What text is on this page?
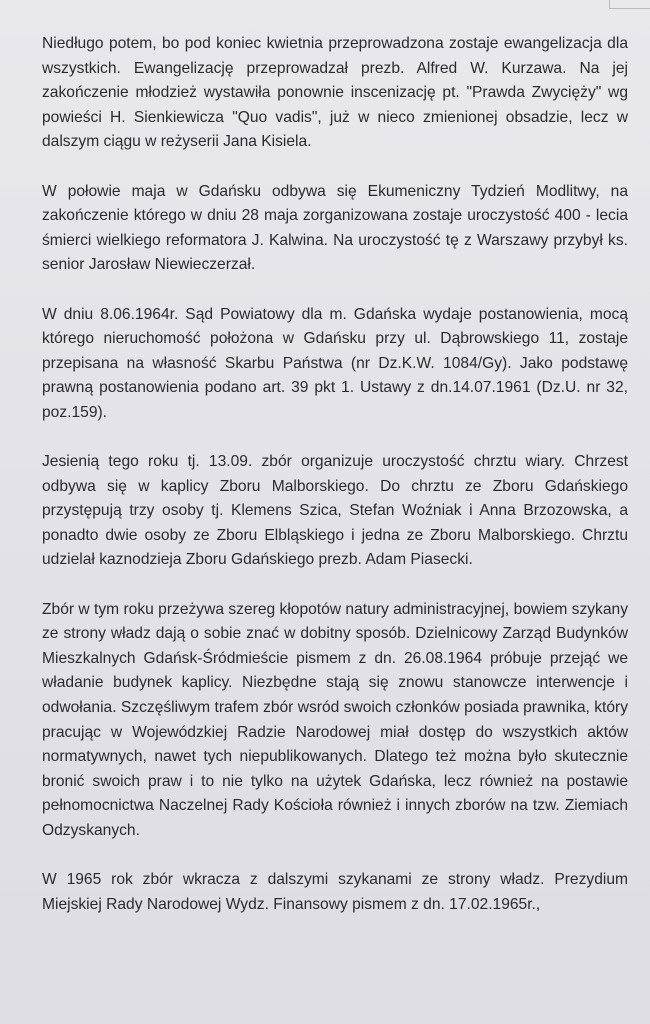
Niedługo potem, bo pod koniec kwietnia przeprowadzona zostaje ewangelizacja dla wszystkich. Ewangelizację przeprowadzał prezb. Alfred W. Kurzawa. Na jej zakończenie młodzież wystawiła ponownie inscenizację pt. "Prawda Zwycięży" wg powieści H. Sienkiewicza "Quo vadis", już w nieco zmienionej obsadzie, lecz w dalszym ciągu w reżyserii Jana Kisiela.

W połowie maja w Gdańsku odbywa się Ekumeniczny Tydzień Modlitwy, na zakończenie którego w dniu 28 maja zorganizowana zostaje uroczystość 400 - lecia śmierci wielkiego reformatora J. Kalwina. Na uroczystość tę z Warszawy przybył ks. senior Jarosław Niewieczerzał.

W dniu 8.06.1964r. Sąd Powiatowy dla m. Gdańska wydaje postanowienia, mocą którego nieruchomość położona w Gdańsku przy ul. Dąbrowskiego 11, zostaje przepisana na własność Skarbu Państwa (nr Dz.K.W. 1084/Gy). Jako podstawę prawną postanowienia podano art. 39 pkt 1. Ustawy z dn.14.07.1961 (Dz.U. nr 32, poz.159).

Jesienią tego roku tj. 13.09. zbór organizuje uroczystość chrztu wiary. Chrzest odbywa się w kaplicy Zboru Malborskiego. Do chrztu ze Zboru Gdańskiego przystępują trzy osoby tj. Klemens Szica, Stefan Woźniak i Anna Brzozowska, a ponadto dwie osoby ze Zboru Elbląskiego i jedna ze Zboru Malborskiego. Chrztu udzielał kaznodzieja Zboru Gdańskiego prezb. Adam Piasecki.

Zbór w tym roku przeżywa szereg kłopotów natury administracyjnej, bowiem szykany ze strony władz dają o sobie znać w dobitny sposób. Dzielnicowy Zarząd Budynków Mieszkalnych Gdańsk-Śródmieście pismem z dn. 26.08.1964 próbuje przejąć we władanie budynek kaplicy. Niezbędne stają się znowu stanowcze interwencje i odwołania. Szczęśliwym trafem zbór wsród swoich członków posiada prawnika, który pracując w Wojewódzkiej Radzie Narodowej miał dostęp do wszystkich aktów normatywnych, nawet tych niepublikowanych. Dlatego też można było skutecznie bronić swoich praw i to nie tylko na użytek Gdańska, lecz również na postawie pełnomocnictwa Naczelnej Rady Kościoła również i innych zborów na tzw. Ziemiach Odzyskanych.

W 1965 rok zbór wkracza z dalszymi szykanami ze strony władz. Prezydium Miejskiej Rady Narodowej Wydz. Finansowy pismem z dn. 17.02.1965r.,
